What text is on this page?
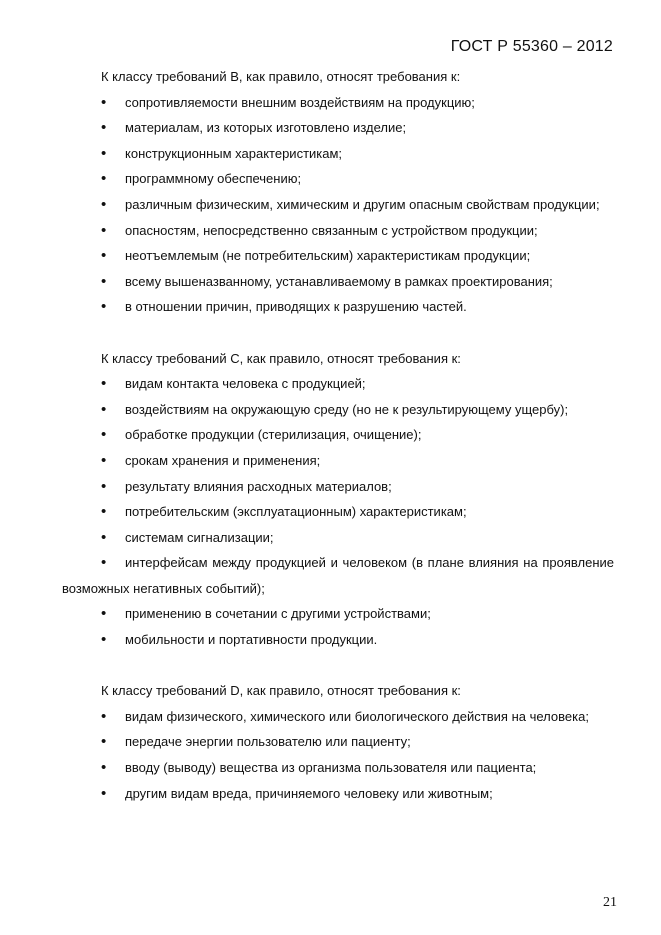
ГОСТ Р 55360 – 2012
К классу требований B, как правило, относят требования к:
• сопротивляемости внешним воздействиям на продукцию;
• материалам, из которых изготовлено изделие;
• конструкционным характеристикам;
• программному обеспечению;
• различным физическим, химическим и другим опасным свойствам продукции;
• опасностям, непосредственно связанным с устройством продукции;
• неотъемлемым (не потребительским) характеристикам продукции;
• всему вышеназванному, устанавливаемому в рамках проектирования;
• в отношении причин, приводящих к разрушению частей.
К классу требований C, как правило, относят требования к:
• видам контакта человека с продукцией;
• воздействиям на окружающую среду (но не к результирующему ущербу);
• обработке продукции (стерилизация, очищение);
• срокам хранения и применения;
• результату влияния расходных материалов;
• потребительским (эксплуатационным) характеристикам;
• системам сигнализации;
• интерфейсам между продукцией и человеком (в плане влияния на проявление возможных негативных событий);
• применению в сочетании с другими устройствами;
• мобильности и портативности продукции.
К классу требований D, как правило, относят требования к:
• видам физического, химического или биологического действия на человека;
• передаче энергии пользователю или пациенту;
• вводу (выводу) вещества из организма пользователя или пациента;
• другим видам вреда, причиняемого человеку или животным;
21
